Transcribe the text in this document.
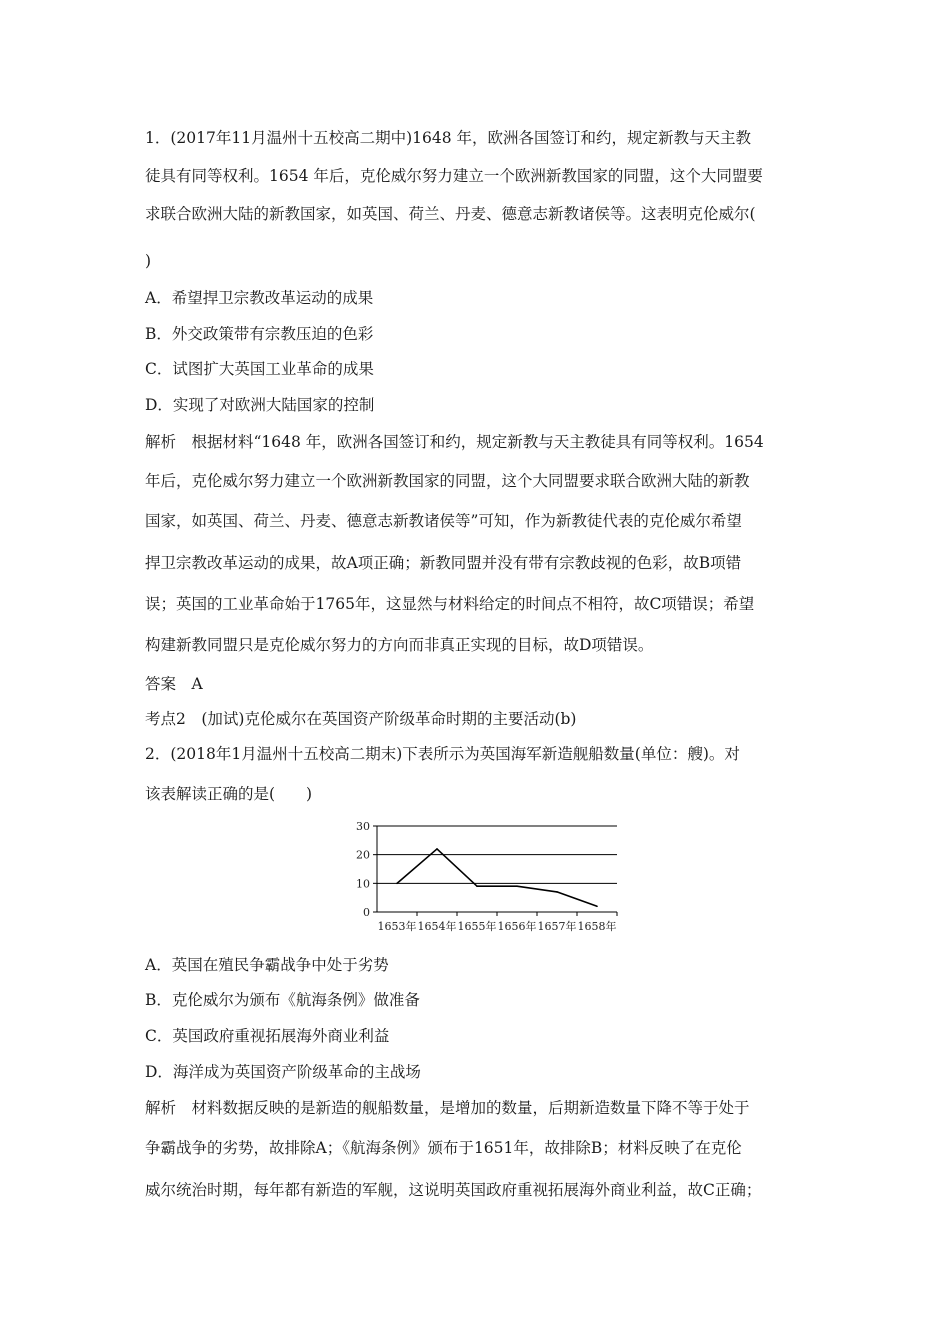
1．(2017年11月温州十五校高二期中)1648 年，欧洲各国签订和约，规定新教与天主教
徒具有同等权利。1654 年后，克伦威尔努力建立一个欧洲新教国家的同盟，这个大同盟要
求联合欧洲大陆的新教国家，如英国、荷兰、丹麦、德意志新教诸侯等。这表明克伦威尔(
)
A．希望捍卫宗教改革运动的成果
B．外交政策带有宗教压迫的色彩
C．试图扩大英国工业革命的成果
D．实现了对欧洲大陆国家的控制
解析　根据材料“1648 年，欧洲各国签订和约，规定新教与天主教徒具有同等权利。1654
年后，克伦威尔努力建立一个欧洲新教国家的同盟，这个大同盟要求联合欧洲大陆的新教
国家，如英国、荷兰、丹麦、德意志新教诸侯等”可知，作为新教徒代表的克伦威尔希望
捍卫宗教改革运动的成果，故A项正确；新教同盟并没有带有宗教歧视的色彩，故B项错
误；英国的工业革命始于1765年，这显然与材料给定的时间点不相符，故C项错误；希望
构建新教同盟只是克伦威尔努力的方向而非真正实现的目标，故D项错误。
答案　A
考点2　(加试)克伦威尔在英国资产阶级革命时期的主要活动(b)
2．(2018年1月温州十五校高二期末)下表所示为英国海军新造舰船数量(单位：艘)。对
该表解读正确的是(　　)
0
10
20
30
1653年 1654年 1655年 1656年 1657年 1658年
A．英国在殖民争霸战争中处于劣势
B．克伦威尔为颁布《航海条例》做准备
C．英国政府重视拓展海外商业利益
D．海洋成为英国资产阶级革命的主战场
解析　材料数据反映的是新造的舰船数量，是增加的数量，后期新造数量下降不等于处于
争霸战争的劣势，故排除A；《航海条例》颁布于1651年，故排除B；材料反映了在克伦
威尔统治时期，每年都有新造的军舰，这说明英国政府重视拓展海外商业利益，故C正确；
